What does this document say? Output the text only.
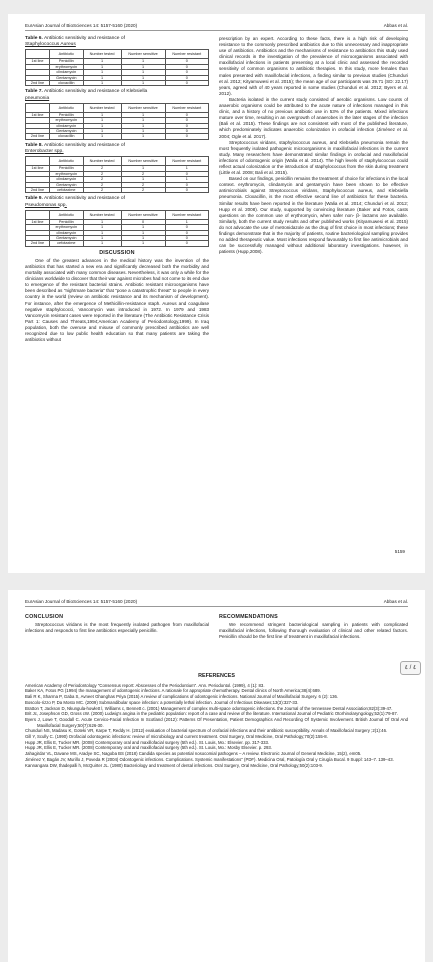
EurAsian Journal of BioSciences 14: 5157-5160 (2020)	Abbas et al.
Table 6. Antibiotic sensitivity and resistance of
Staphylococcus Aureus
	Antibiotic	Number tested	Number sensitive	Number resistant
1st line	Penicillin	1	1	0
	erythromycin	1	1	0
	clindamycin	1	1	0
	Gentamycin	1	1	0
2nd line	cloxacillin	1	1	0
Table 7. Antibiotic sensitivity and resistance of Klebsiella
pneumonia
	Antibiotic	Number tested	Number sensitive	Number resistant
1st line	Penicillin	1	1	0
	erythromycin	1	1	0
	clindamycin	1	1	0
	Gentamycin	1	1	0
2nd line	cloxacillin	1	1	0
Table 8. Antibiotic sensitivity and resistance of
Enterobacter spp.
	Antibiotic	Number tested	Number sensitive	Number resistant
1st line	Penicillin	2	1	1
	erythromycin	2	2	0
	clindamycin	2	1	1
	Gentamycin	2	2	0
2nd line	cefotaxime	2	2	0
Table 9. Antibiotic sensitivity and resistance of
Pseudomonas spp.
	Antibiotic	Number tested	Number sensitive	Number resistant
1st line	Penicillin	1	0	1
	erythromycin	1	1	0
	clindamycin	1	1	0
	Gentamycin	1	1	0
2nd line	cefotaxime	1	1	0
DISCUSSION

One of the greatest advances in the medical history was the invention of the antibiotics that has started a new era and significantly decreased both the morbidity and mortality associated with many common diseases. Nevertheless, it was only a while for the clinicians worldwide to discover that their war against microbes had not come to its end due to emergence of the resistant bacterial strains. Antibiotic resistant microorganisms have been described as "nightmare bacteria" that "pose a catastrophic threat" to people in every country in the world (review on antibiotic resistance and its mechanism of development). For instance, after the emergence of Methicillin-resistance staph. Aureus and coagulase negative staphylococci, Vancomycin was introduced in 1972. In 1979 and 1983 Vancomycin resistant cases were reported in the literature (The Antibiotic Resistance Crisis Part 1: Causes and Threats,1994;American Academy of Periodontology,1999). In Iraq population, both the overuse and misuse of commonly prescribed antibiotics are well recognized due to low public health education so that many patients are taking the antibiotics without

prescription by an expert. According to these facts, there is a high risk of developing resistance to the commonly prescribed antibiotics due to this unnecessary and inappropriate use of antibiotics. Antibiotics and the mechanisms of resistance to antibiotics this study used clinical records in the investigation of the prevalence of microorganisms associated with maxillofacial infections in patients presenting at a local clinic and assessed the recorded sensitivity of common organisms to antibiotic therapies. In this study, more females than males presented with maxillofacial infections, a finding similar to previous studies (Chunduri et al. 2012; Kityamuwesi et al. 2015); the mean age of our participants was 39.71 (SD: 22.17) years, agreed with of 40 years reported in some studies (Chunduri et al. 2012; Byers et al. 2012).

Bacteria isolated in the current study consisted of aerobic organisms. Low counts of anaerobic organisms could be attributed to the acute nature of infections managed in this clinic, and a history of no previous antibiotic use in 53% of the patients. Mixed infections mature over time, resulting in an overgrowth of anaerobes in the later stages of the infection (Bali et al. 2015). These findings are not consistent with most of the published literature, which predominately indicates anaerobic colonization in orofacial infection (Jiménez et al. 2004; Ogle et al. 2017).

Streptococcus viridans, staphylococcus aureus, and Klebsiella pneumonia remain the most frequently isolated pathogenic microorganisms in maxillofacial infections in the current study. Many researchers have demonstrated similar findings in orofacial and maxillofacial infections of odontogenic origin (Walia et al. 2014). The high levels of staphylococcus could reflect actual colonization or the introduction of staphylococcus from the skin during treatment (Little et al. 2008; Bali et al. 2015).

Based on our findings, penicillin remains the treatment of choice for infections in the local context. erythromycin, clindamycin and gentamycin have been shown to be effective antimicrobials against Streptococcus viridans, Staphylococcus aureus, and Klebsiella pneumonia. Cloxacillin, is the most effective second line of antibiotics for these bacteria. Similar results have been reported in the literature (Walia et al. 2014; Chunduri et al. 2012; Hupp et al. 2008). Our study, supported by convincing literature (Baker and Fotos, casts questions on the common use of erythromycin, when safer non- β- lactams are available. Similarly, both the current study results and other published works (Kityamuwesi et al. 2015) do not advocate the use of metronidazole as the drug of first choice in most infections; these findings demonstrate that in the majority of patients, routine bacteriological sampling provides no added therapeutic value. Most infections respond favourably to first line antimicrobials and can be successfully managed without additional laboratory investigations. however, in patients (Hupp,2008).

5159
EurAsian Journal of BioSciences 14: 5157-5160 (2020)	Abbas et al.
CONCLUSION

Streptococcus viridans is the most frequently isolated pathogen from maxillofacial infections and responds to first line antibiotics especially penicillin.

RECOMMENDATIONS

We recommend stringent bacteriological sampling in patients with complicated maxillofacial infections, following thorough evaluation of clinical and other related factors. Penicillin should be the first line of treatment in maxillofacial infections.

REFERENCES
American Academy of Periodontology "Consensus report: Abscesses of the Periodontium". Ann. Periodontol. (1999), 4 (1): 83.
Baker KA, Fotos PG (1994) the management of odontogenic infections. A rationale for appropriate chemotherapy. Dental clinics of North America;38(4):689.
Bali R K, Sharma P, Gaba S, Avneet Ghanghas Priya (2015) A review of complications of odontogenic infections. National Journal of Maxillofacial Surgery. 6 (2): 136.
Boscolo-rizzo P, Da Mosto MC. (2009) Submandibular space infection: a potentially lethal infection. Journal of Infectious Diseases;13(3):327-33.
Bratton T, Jackson D, Nkungula-howlett l, Williams c, Bennett c. (2001) Management of complex multi-space odontogenic infections. the Journal of the tennessee Dental Association;82(3):39-47.
Brit Jc, Josephson GD, Gross cW. (2000) Ludwig's angina in the pediatric population: report of a case and review of the literature. International Journal of Pediatric Otorhinolaryngology;52(1):79-87.
Byers J, Lowe T, Goodall C. Acute Cervico-Facial Infection In Scotland (2012): Patterns Of Presentation, Patient Demographics And Recording Of Systemic Involvement. British Journal Of Oral And Maxillofacial Surgery;50(7):626-30.
Chunduri NS, Madasu K, Goteki VR, Karpe T, Reddy H. (2012) evaluation of bacterial spectrum of orofacial infections and their antibiotic susceptibility. Annals of Maxillofacial Surgery ;2(1):46.
Gill Y, Scully C. (1990) Orofacial odontogenic infections: review of microbiology and current treatment. Oral Surgery, Oral Medicine, Oral Pathology;70(2):155-8.
Hupp JR, Ellis E, Tucker MR. (2008) Contemporary oral and maxillofacial surgery (5th ed.). St. Louis, Mo.: Elsevier. pp. 317-333.
Hupp JR, Ellis E, Tucker MR. (2008) Contemporary oral and maxillofacial surgery (5th ed.). St. Louis, Mo.: Mosby Elsevier. p. 293.
Jahagirdar VL, Davane MS, Aradye SC, Nagoba BS (2018) Candida species as potential nosocomial pathogens – A review. Electronic Journal of General Medicine, 15(2), em05.
Jiménez Y, Bagán JV, Murillo J, Poveda R (2004) Odontogenic infections. Complications. Systemic manifestations" (PDF). Medicina Oral, Patología Oral y Cirugía Bucal. 9 Suppl: 143–7. 139–43.
Kannangara DW, thadepalli h, McQuirter JL. (1980) Bacteriology and treatment of dental infections. Oral Surgery, Oral Medicine, Oral Pathology;50(2):103-9.
٤ / ٤
